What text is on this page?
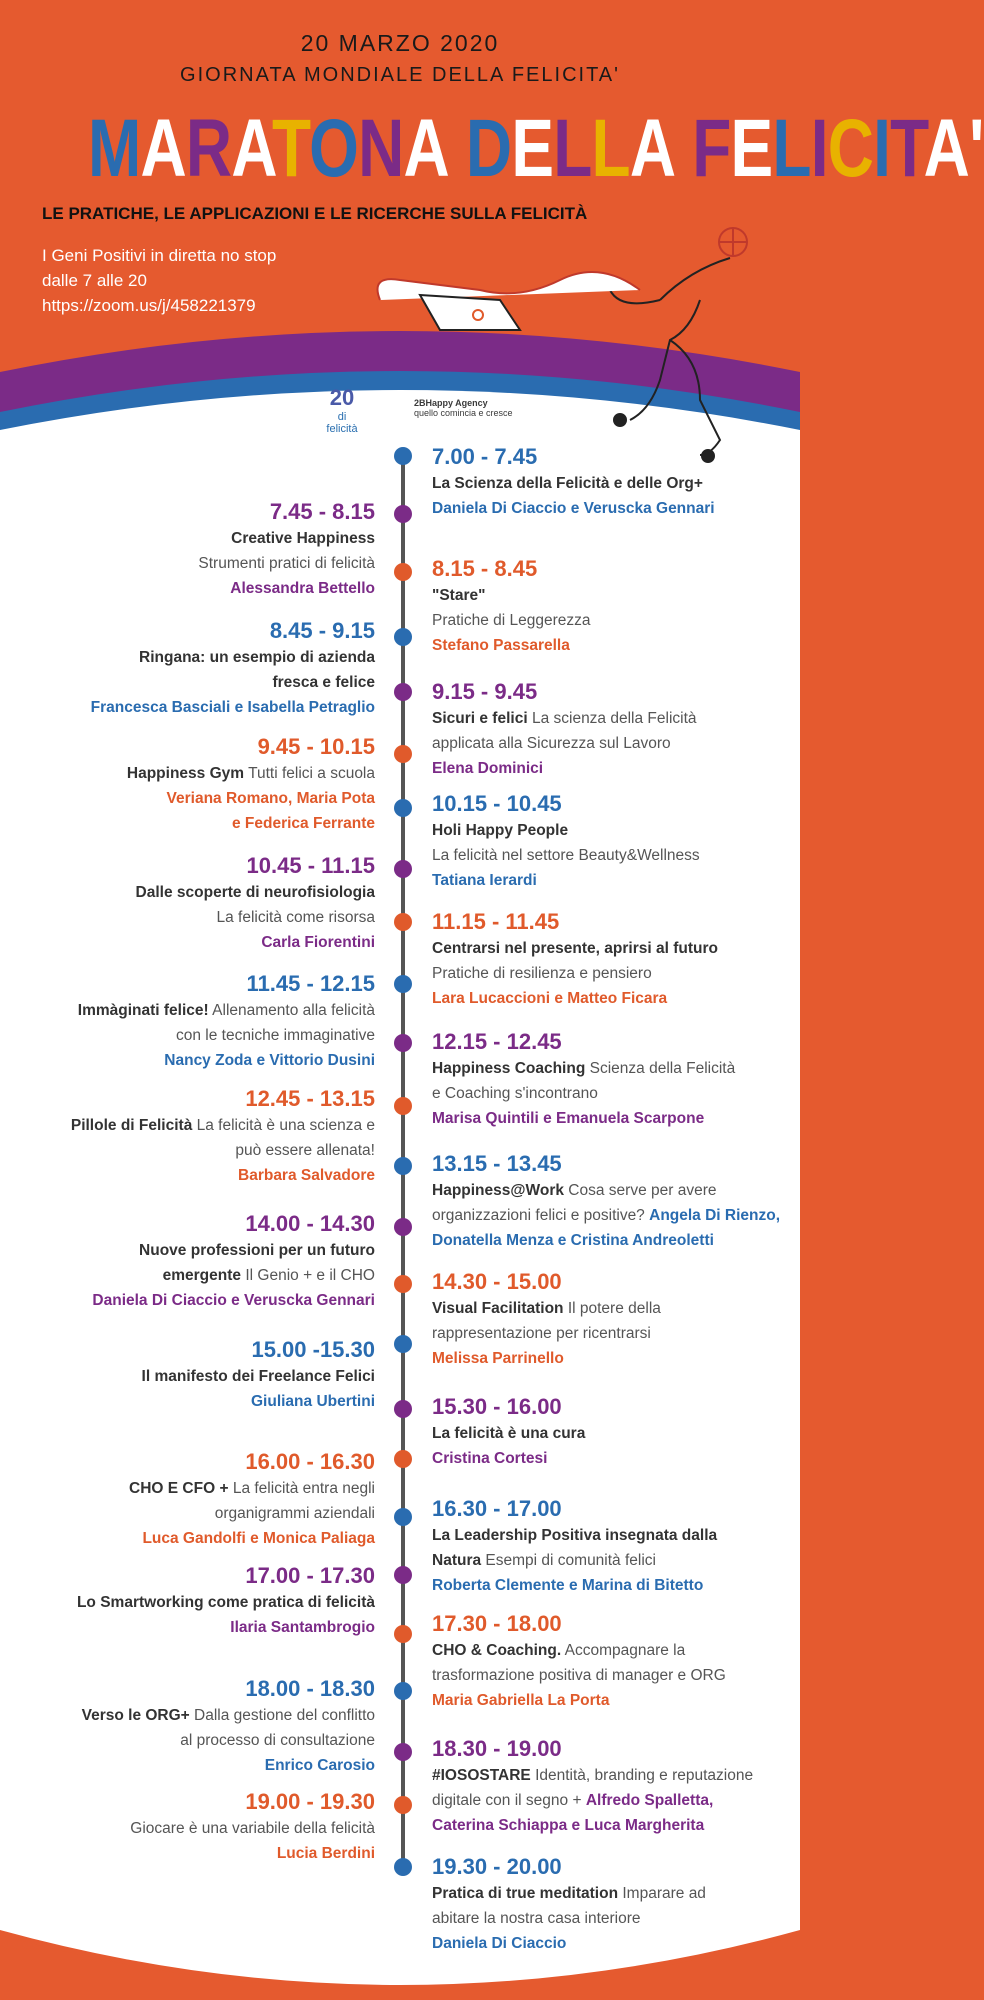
20 MARZO 2020
GIORNATA MONDIALE DELLA FELICITA'
MARATONA DELLA FELICITA'
LE PRATICHE, LE APPLICAZIONI E LE RICERCHE SULLA FELICITÀ
I Geni Positivi in diretta no stop
dalle 7 alle 20
https://zoom.us/j/458221379
20
di felicità
2BHappy Agency
quello comincia e cresce
7.45 - 8.15
Creative Happiness
Strumenti pratici di felicità
Alessandra Bettello
8.45 - 9.15
Ringana: un esempio di azienda
fresca e felice
Francesca Basciali e Isabella Petraglio
9.45 - 10.15
Happiness Gym Tutti felici a scuola
Veriana Romano, Maria Pota
e Federica Ferrante
10.45 - 11.15
Dalle scoperte di neurofisiologia
La felicità come risorsa
Carla Fiorentini
11.45 - 12.15
Immàginati felice! Allenamento alla felicità
con le tecniche immaginative
Nancy Zoda e Vittorio Dusini
12.45 - 13.15
Pillole di Felicità La felicità è una scienza e
può essere allenata!
Barbara Salvadore
14.00 - 14.30
Nuove professioni per un futuro
emergente Il Genio + e il CHO
Daniela Di Ciaccio e Veruscka Gennari
15.00 -15.30
Il manifesto dei Freelance Felici
Giuliana Ubertini
16.00 - 16.30
CHO E CFO + La felicità entra negli
organigrammi aziendali
Luca Gandolfi e Monica Paliaga
17.00 - 17.30
Lo Smartworking come pratica di felicità
Ilaria Santambrogio
18.00 - 18.30
Verso le ORG+ Dalla gestione del conflitto
al processo di consultazione
Enrico Carosio
19.00 - 19.30
Giocare è una variabile della felicità
Lucia Berdini
7.00 - 7.45
La Scienza della Felicità e delle Org+
Daniela Di Ciaccio e Veruscka Gennari
8.15 - 8.45
"Stare"
Pratiche di Leggerezza
Stefano Passarella
9.15 - 9.45
Sicuri e felici La scienza della Felicità
applicata alla Sicurezza sul Lavoro
Elena Dominici
10.15 - 10.45
Holi Happy People
La felicità nel settore Beauty&Wellness
Tatiana Ierardi
11.15 - 11.45
Centrarsi nel presente, aprirsi al futuro
Pratiche di resilienza e pensiero
Lara Lucaccioni e Matteo Ficara
12.15 - 12.45
Happiness Coaching Scienza della Felicità
e Coaching s'incontrano
Marisa Quintili e Emanuela Scarpone
13.15 - 13.45
Happiness@Work Cosa serve per avere
organizzazioni felici e positive? Angela Di Rienzo,
Donatella Menza e Cristina Andreoletti
14.30 - 15.00
Visual Facilitation Il potere della
rappresentazione per ricentrarsi
Melissa Parrinello
15.30 - 16.00
La felicità è una cura
Cristina Cortesi
16.30 - 17.00
La Leadership Positiva insegnata dalla
Natura Esempi di comunità felici
Roberta Clemente e Marina di Bitetto
17.30 - 18.00
CHO & Coaching. Accompagnare la
trasformazione positiva di manager e ORG
Maria Gabriella La Porta
18.30 - 19.00
#IOSOSTARE Identità, branding e reputazione
digitale con il segno + Alfredo Spalletta,
Caterina Schiappa e Luca Margherita
19.30 - 20.00
Pratica di true meditation Imparare ad
abitare la nostra casa interiore
Daniela Di Ciaccio
